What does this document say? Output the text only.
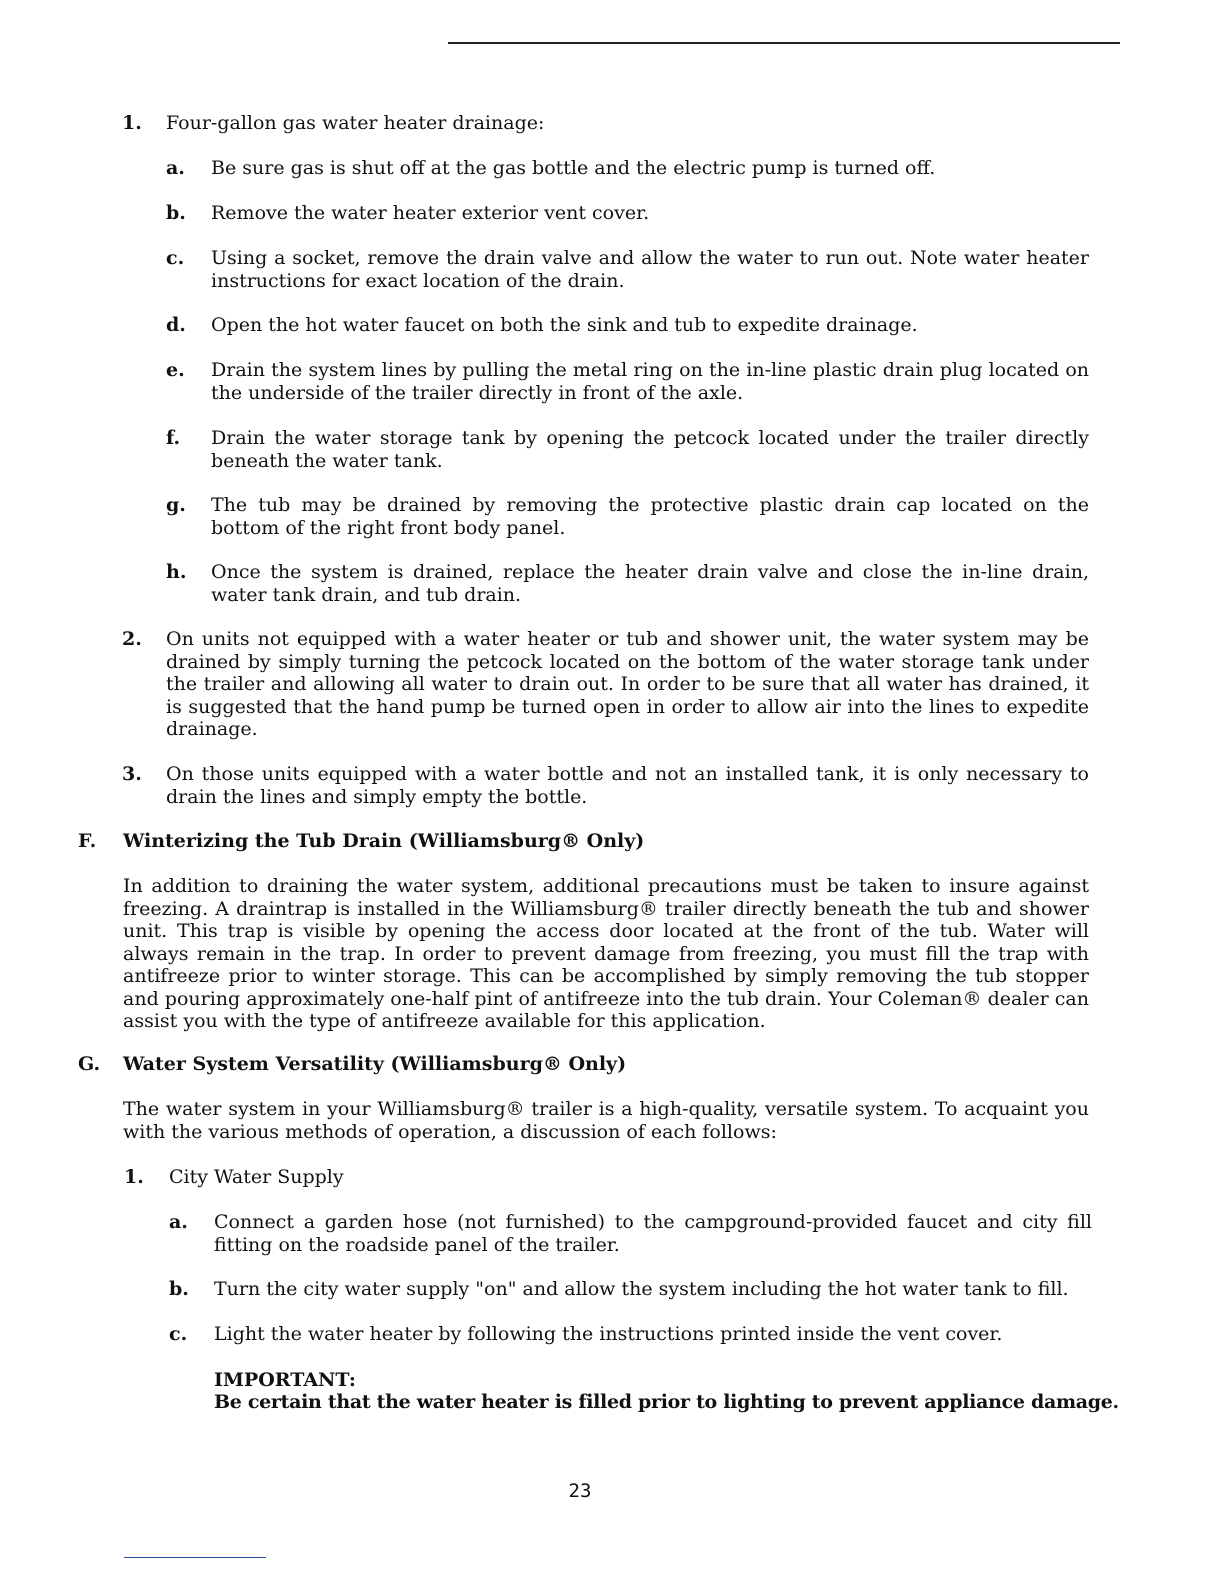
1. Four-gallon gas water heater drainage:
a. Be sure gas is shut off at the gas bottle and the electric pump is turned off.
b. Remove the water heater exterior vent cover.
c. Using a socket, remove the drain valve and allow the water to run out. Note water heater instructions for exact location of the drain.
d. Open the hot water faucet on both the sink and tub to expedite drainage.
e. Drain the system lines by pulling the metal ring on the in-line plastic drain plug located on the underside of the trailer directly in front of the axle.
f. Drain the water storage tank by opening the petcock located under the trailer directly beneath the water tank.
g. The tub may be drained by removing the protective plastic drain cap located on the bottom of the right front body panel.
h. Once the system is drained, replace the heater drain valve and close the in-line drain, water tank drain, and tub drain.
2. On units not equipped with a water heater or tub and shower unit, the water system may be drained by simply turning the petcock located on the bottom of the water storage tank under the trailer and allowing all water to drain out. In order to be sure that all water has drained, it is suggested that the hand pump be turned open in order to allow air into the lines to expedite drainage.
3. On those units equipped with a water bottle and not an installed tank, it is only necessary to drain the lines and simply empty the bottle.
F. Winterizing the Tub Drain (Williamsburg® Only)
In addition to draining the water system, additional precautions must be taken to insure against freezing. A draintrap is installed in the Williamsburg® trailer directly beneath the tub and shower unit. This trap is visible by opening the access door located at the front of the tub. Water will always remain in the trap. In order to prevent damage from freezing, you must fill the trap with antifreeze prior to winter storage. This can be accomplished by simply removing the tub stopper and pouring approximately one-half pint of antifreeze into the tub drain. Your Coleman® dealer can assist you with the type of antifreeze available for this application.
G. Water System Versatility (Williamsburg® Only)
The water system in your Williamsburg® trailer is a high-quality, versatile system. To acquaint you with the various methods of operation, a discussion of each follows:
1. City Water Supply
a. Connect a garden hose (not furnished) to the campground-provided faucet and city fill fitting on the roadside panel of the trailer.
b. Turn the city water supply "on" and allow the system including the hot water tank to fill.
c. Light the water heater by following the instructions printed inside the vent cover.
IMPORTANT:
Be certain that the water heater is filled prior to lighting to prevent appliance damage.
23
